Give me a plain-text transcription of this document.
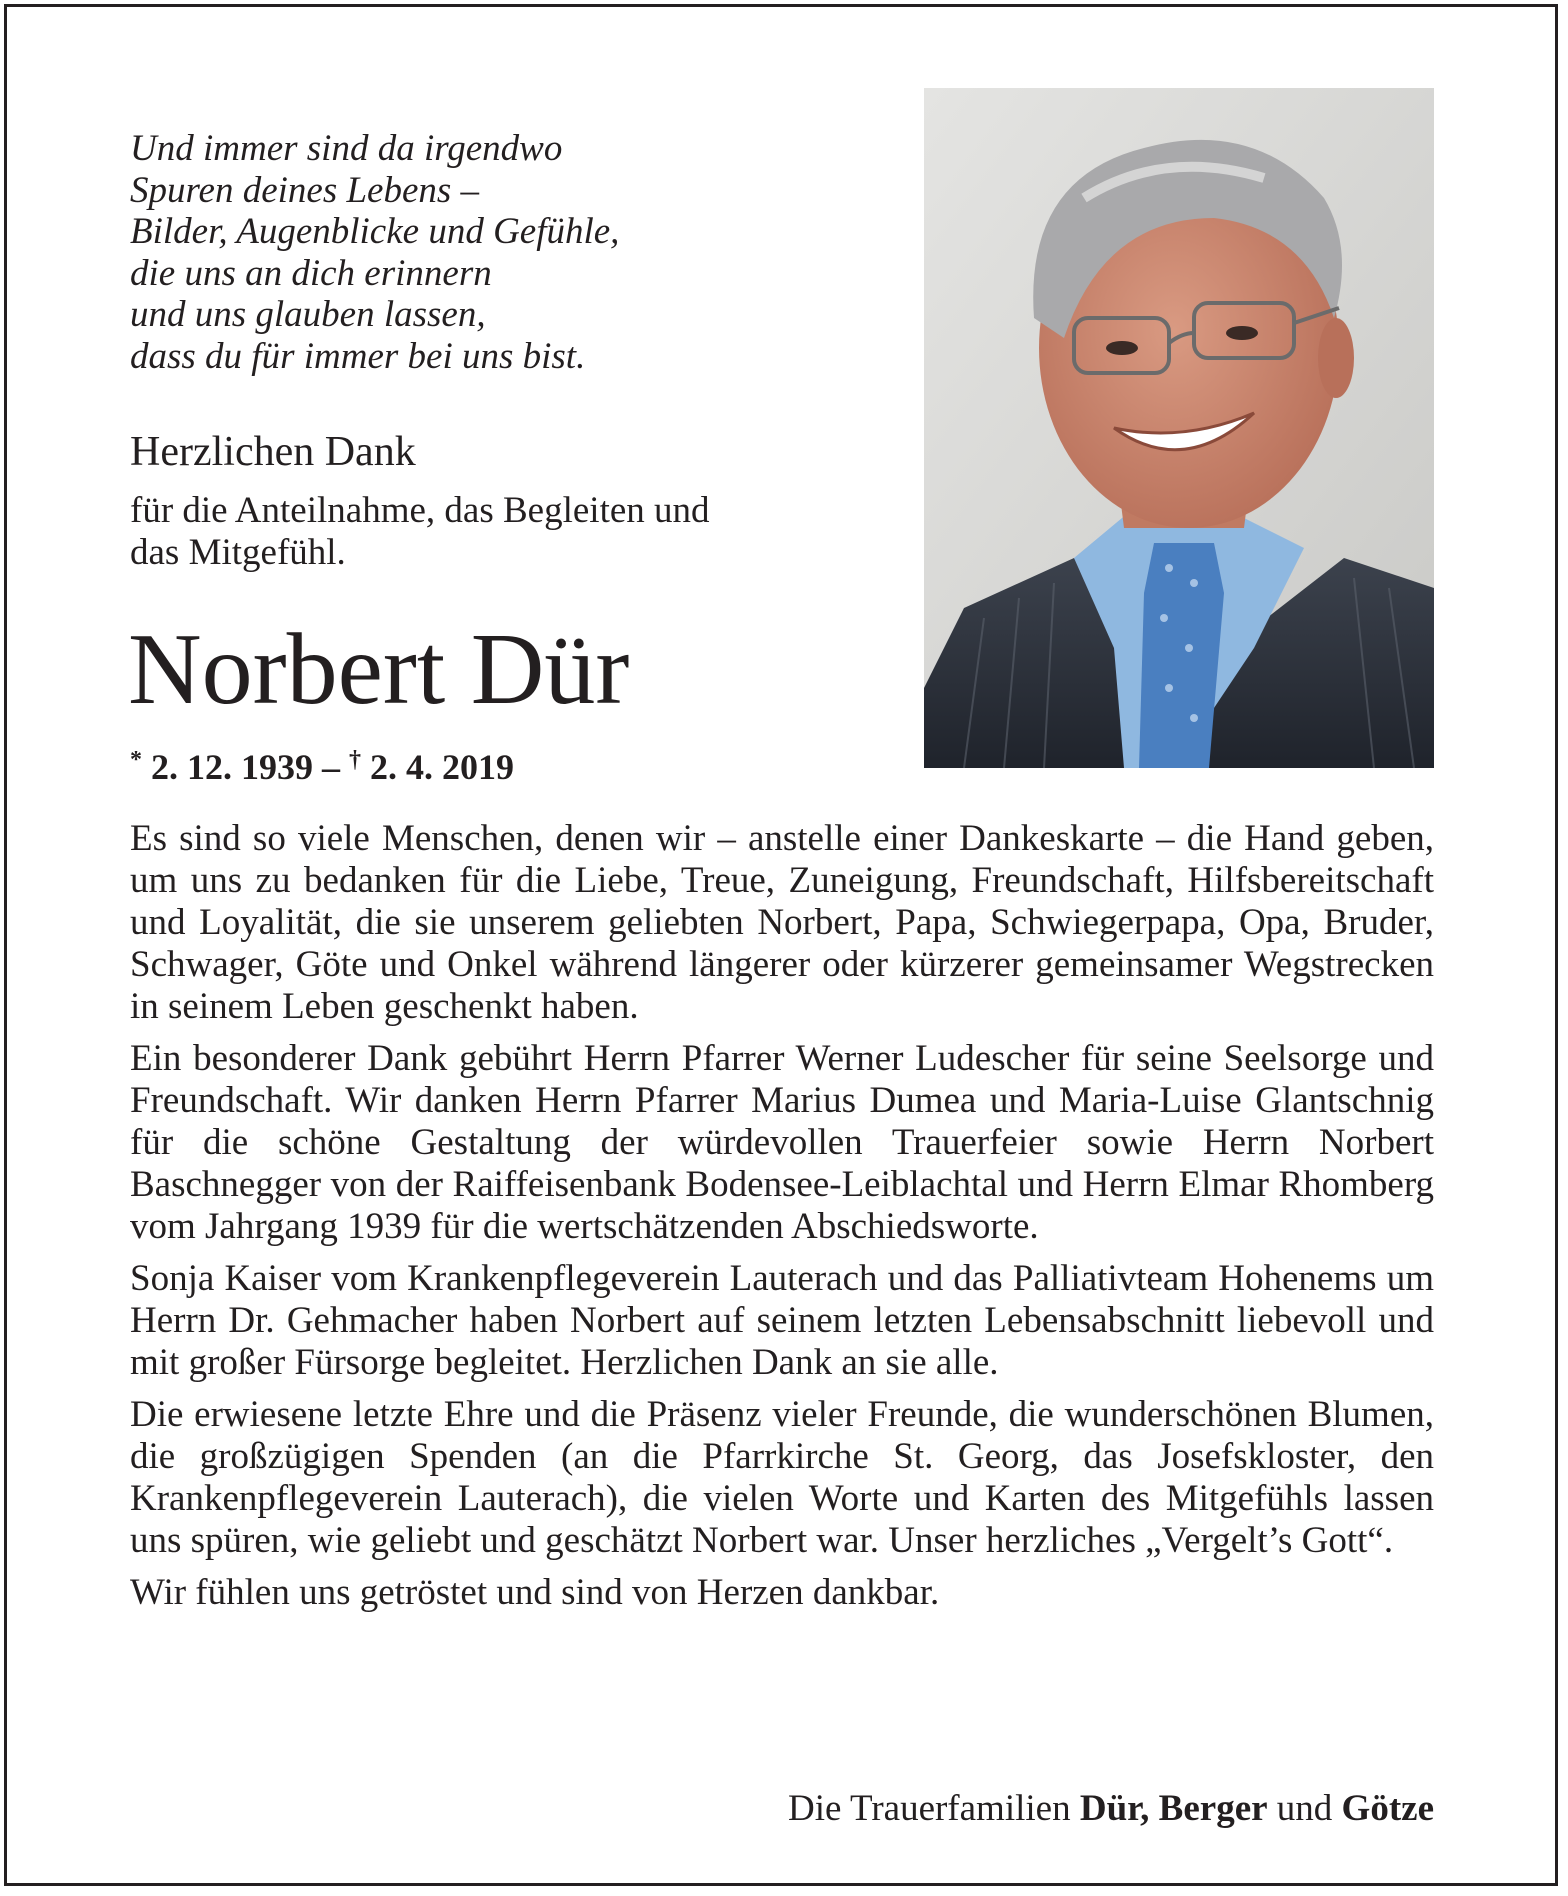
Und immer sind da irgendwo
Spuren deines Lebens –
Bilder, Augenblicke und Gefühle,
die uns an dich erinnern
und uns glauben lassen,
dass du für immer bei uns bist.
Herzlichen Dank
für die Anteilnahme, das Begleiten und
das Mitgefühl.
Norbert Dür
* 2. 12. 1939 – † 2. 4. 2019

Es sind so viele Menschen, denen wir – anstelle einer Dankeskarte – die Hand geben, um uns zu bedanken für die Liebe, Treue, Zuneigung, Freundschaft, Hilfsbereitschaft und Loyalität, die sie unserem geliebten Norbert, Papa, Schwiegerpapa, Opa, Bruder, Schwager, Göte und Onkel während längerer oder kürzerer gemeinsamer Wegstrecken in seinem Leben geschenkt haben.

Ein besonderer Dank gebührt Herrn Pfarrer Werner Ludescher für seine Seelsorge und Freundschaft. Wir danken Herrn Pfarrer Marius Dumea und Maria-Luise Glantschnig für die schöne Gestaltung der würdevollen Trauerfeier sowie Herrn Norbert Baschnegger von der Raiffeisenbank Bodensee-Leiblachtal und Herrn Elmar Rhomberg vom Jahrgang 1939 für die wertschätzenden Abschiedsworte.

Sonja Kaiser vom Krankenpflegeverein Lauterach und das Palliativteam Hohenems um Herrn Dr. Gehmacher haben Norbert auf seinem letzten Lebensabschnitt liebevoll und mit großer Fürsorge begleitet. Herzlichen Dank an sie alle.

Die erwiesene letzte Ehre und die Präsenz vieler Freunde, die wunderschönen Blumen, die großzügigen Spenden (an die Pfarrkirche St. Georg, das Josefskloster, den Krankenpflegeverein Lauterach), die vielen Worte und Karten des Mitgefühls lassen uns spüren, wie geliebt und geschätzt Norbert war. Unser herzliches „Vergelt’s Gott“.

Wir fühlen uns getröstet und sind von Herzen dankbar.

Die Trauerfamilien Dür, Berger und Götze
